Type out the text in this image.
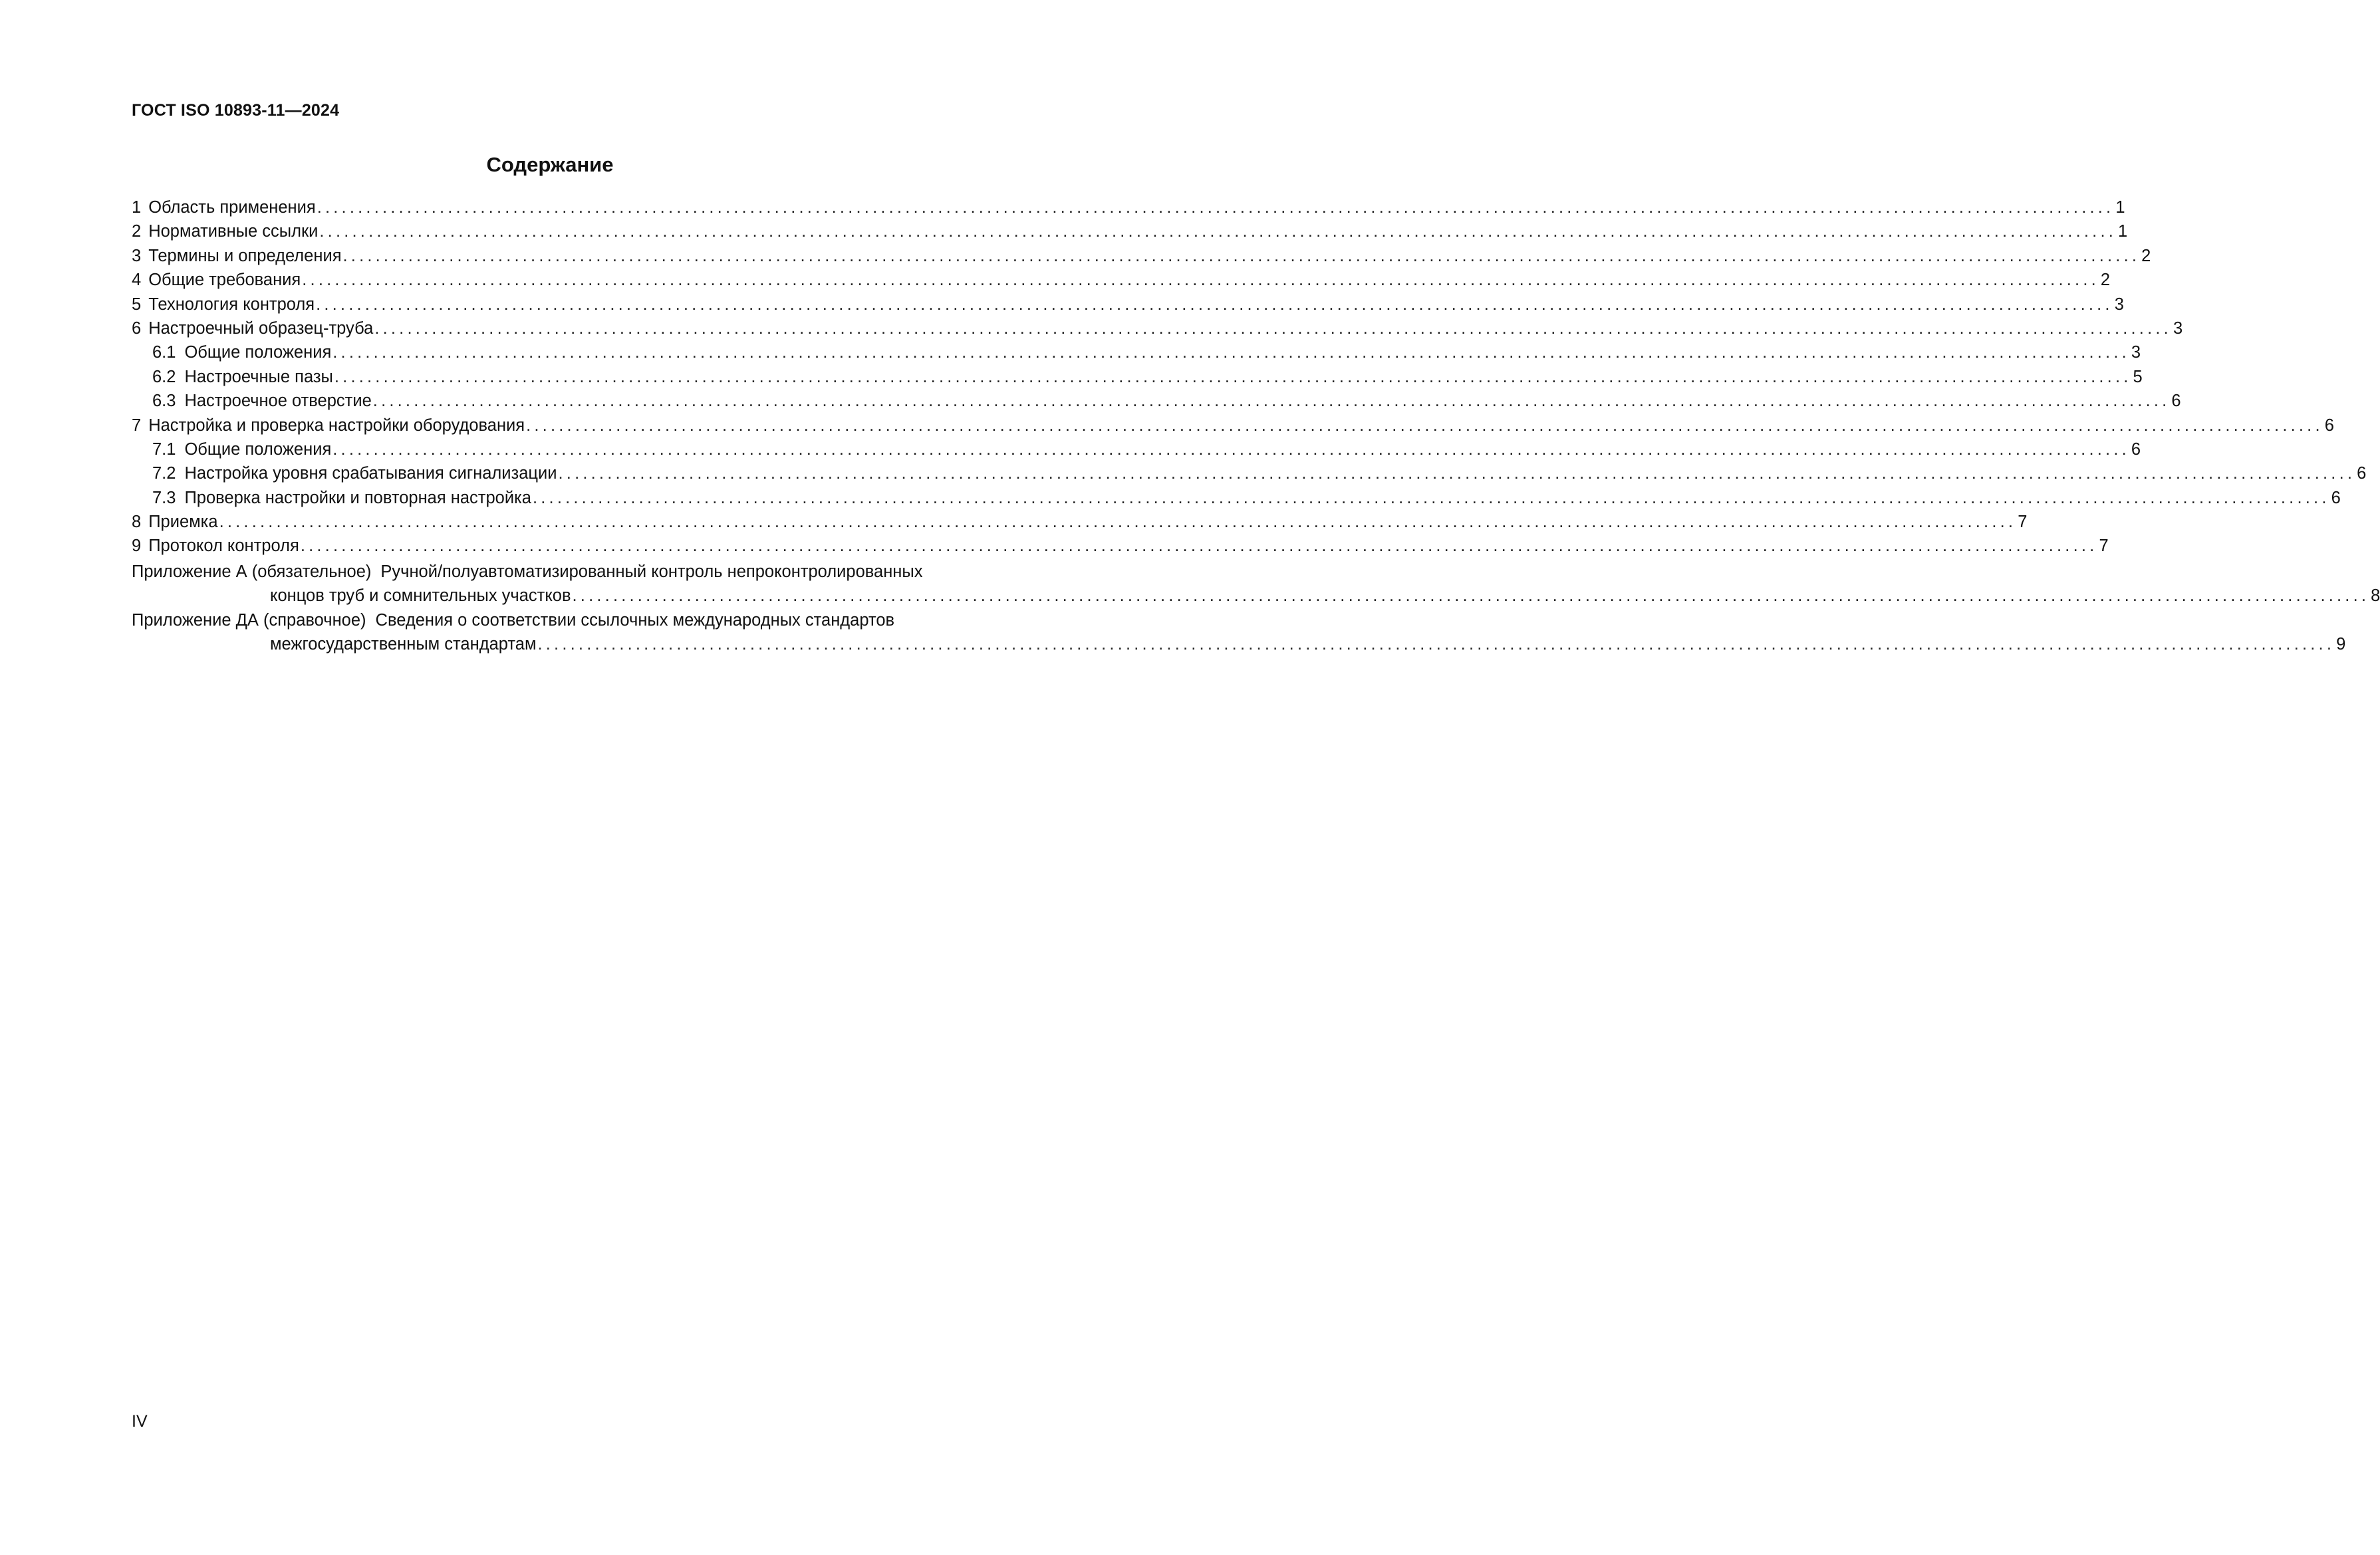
ГОСТ ISO 10893-11—2024
Содержание
1 Область применения ............................................................................................................................................................................................................................ 1
2 Нормативные ссылки ............................................................................................................................................................................................................................ 1
3 Термины и определения ............................................................................................................................................................................................................................ 2
4 Общие требования ............................................................................................................................................................................................................................ 2
5 Технология контроля ............................................................................................................................................................................................................................ 3
6 Настроечный образец-труба ............................................................................................................................................................................................................................ 3
6.1 Общие положения ............................................................................................................................................................................................................................ 3
6.2 Настроечные пазы ............................................................................................................................................................................................................................ 5
6.3 Настроечное отверстие ............................................................................................................................................................................................................................ 6
7 Настройка и проверка настройки оборудования ............................................................................................................................................................................................................................ 6
7.1 Общие положения ............................................................................................................................................................................................................................ 6
7.2 Настройка уровня срабатывания сигнализации ............................................................................................................................................................................................................................ 6
7.3 Проверка настройки и повторная настройка ............................................................................................................................................................................................................................ 6
8 Приемка ............................................................................................................................................................................................................................ 7
9 Протокол контроля ............................................................................................................................................................................................................................ 7
Приложение А (обязательное) Ручной/полуавтоматизированный контроль непроконтролированных
концов труб и сомнительных участков ............................................................................................................................................................................................................................ 8
Приложение ДА (справочное) Сведения о соответствии ссылочных международных стандартов
межгосударственным стандартам ............................................................................................................................................................................................................................ 9
IV
